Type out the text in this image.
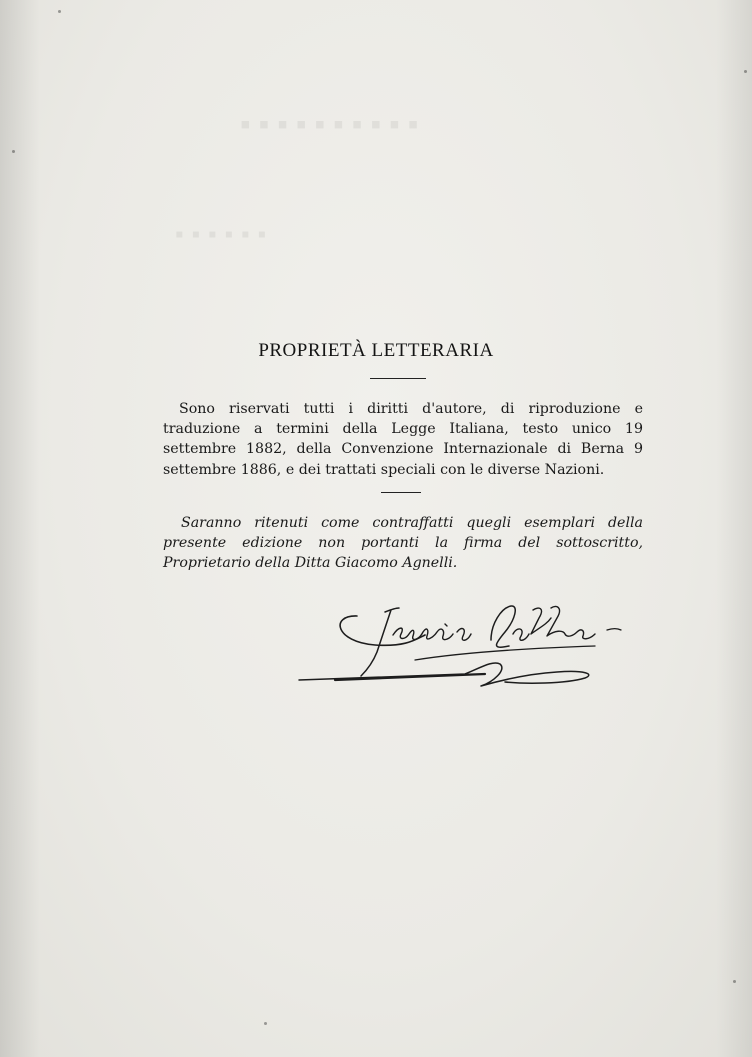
▪▪▪▪▪▪▪▪▪▪
▪▪▪▪▪▪
PROPRIETÀ LETTERARIA

Sono riservati tutti i diritti d'autore, di riproduzione e traduzione a termini della Legge Italiana, testo unico 19 settembre 1882, della Convenzione Internazionale di Berna 9 settembre 1886, e dei trattati speciali con le diverse Nazioni.

Saranno ritenuti come contraffatti quegli esemplari della presente edizione non portanti la firma del sottoscritto, Proprietario della Ditta Giacomo Agnelli.
